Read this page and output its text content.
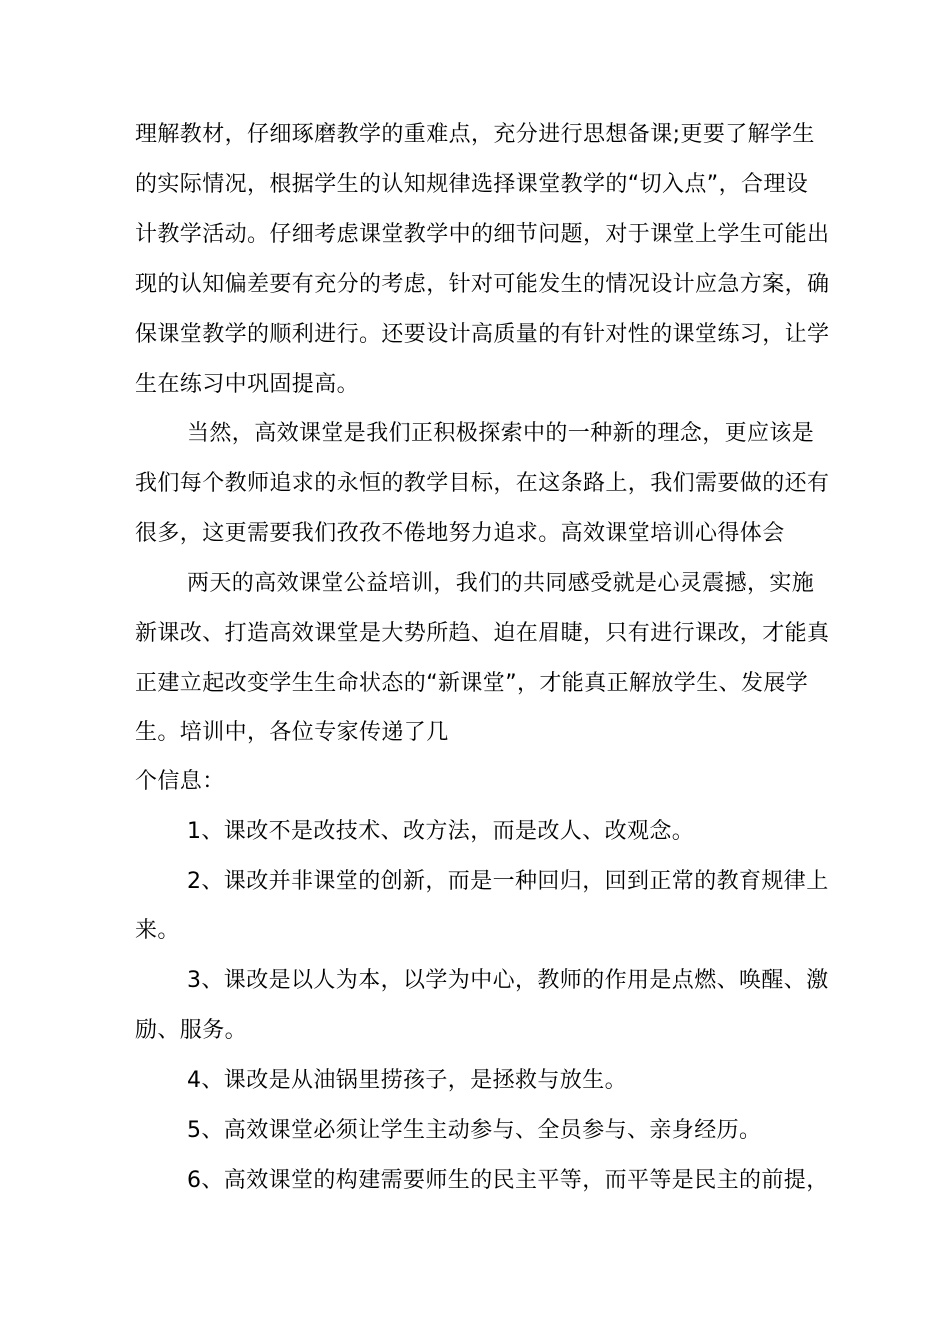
理解教材，仔细琢磨教学的重难点，充分进行思想备课;更要了解学生
的实际情况，根据学生的认知规律选择课堂教学的“切入点”，合理设
计教学活动。仔细考虑课堂教学中的细节问题，对于课堂上学生可能出
现的认知偏差要有充分的考虑，针对可能发生的情况设计应急方案，确
保课堂教学的顺利进行。还要设计高质量的有针对性的课堂练习，让学
生在练习中巩固提高。
当然，高效课堂是我们正积极探索中的一种新的理念，更应该是
我们每个教师追求的永恒的教学目标，在这条路上，我们需要做的还有
很多，这更需要我们孜孜不倦地努力追求。高效课堂培训心得体会
两天的高效课堂公益培训，我们的共同感受就是心灵震撼，实施
新课改、打造高效课堂是大势所趋、迫在眉睫，只有进行课改，才能真
正建立起改变学生生命状态的“新课堂”，才能真正解放学生、发展学
生。培训中，各位专家传递了几
个信息：
1、课改不是改技术、改方法，而是改人、改观念。
2、课改并非课堂的创新，而是一种回归，回到正常的教育规律上
来。
3、课改是以人为本，以学为中心，教师的作用是点燃、唤醒、激
励、服务。
4、课改是从油锅里捞孩子，是拯救与放生。
5、高效课堂必须让学生主动参与、全员参与、亲身经历。
6、高效课堂的构建需要师生的民主平等，而平等是民主的前提，
